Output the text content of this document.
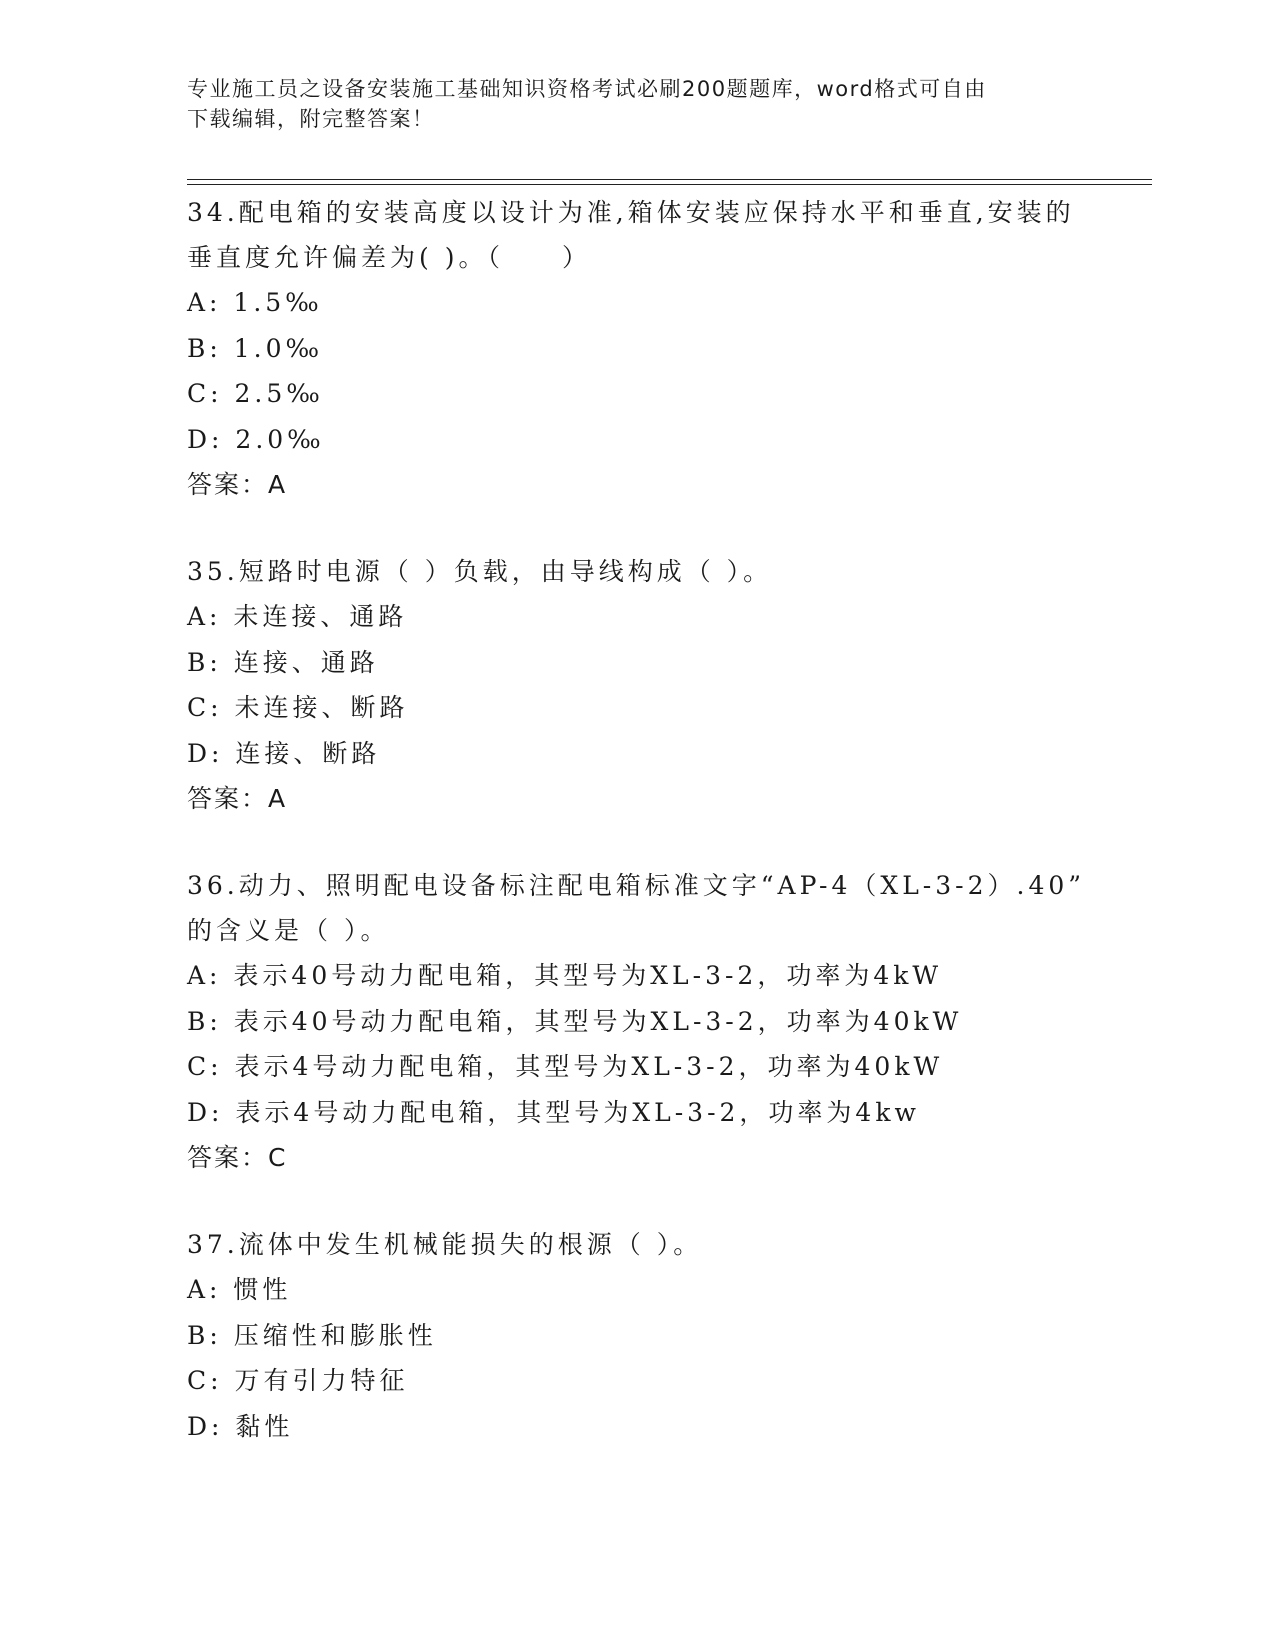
专业施工员之设备安装施工基础知识资格考试必刷200题题库，word格式可自由
下载编辑，附完整答案！
34.配电箱的安装高度以设计为准,箱体安装应保持水平和垂直,安装的
垂直度允许偏差为( )。（　　）
A: 1.5‰
B: 1.0‰
C: 2.5‰
D: 2.0‰
答案：A
35.短路时电源（ ）负载，由导线构成（ ）。
A: 未连接、通路
B: 连接、通路
C: 未连接、断路
D: 连接、断路
答案：A
36.动力、照明配电设备标注配电箱标准文字“AP-4（XL-3-2）.40”
的含义是（ ）。
A: 表示40号动力配电箱，其型号为XL-3-2，功率为4kW
B: 表示40号动力配电箱，其型号为XL-3-2，功率为40kW
C: 表示4号动力配电箱，其型号为XL-3-2，功率为40kW
D: 表示4号动力配电箱，其型号为XL-3-2，功率为4kw
答案：C
37.流体中发生机械能损失的根源（ ）。
A: 惯性
B: 压缩性和膨胀性
C: 万有引力特征
D: 黏性
